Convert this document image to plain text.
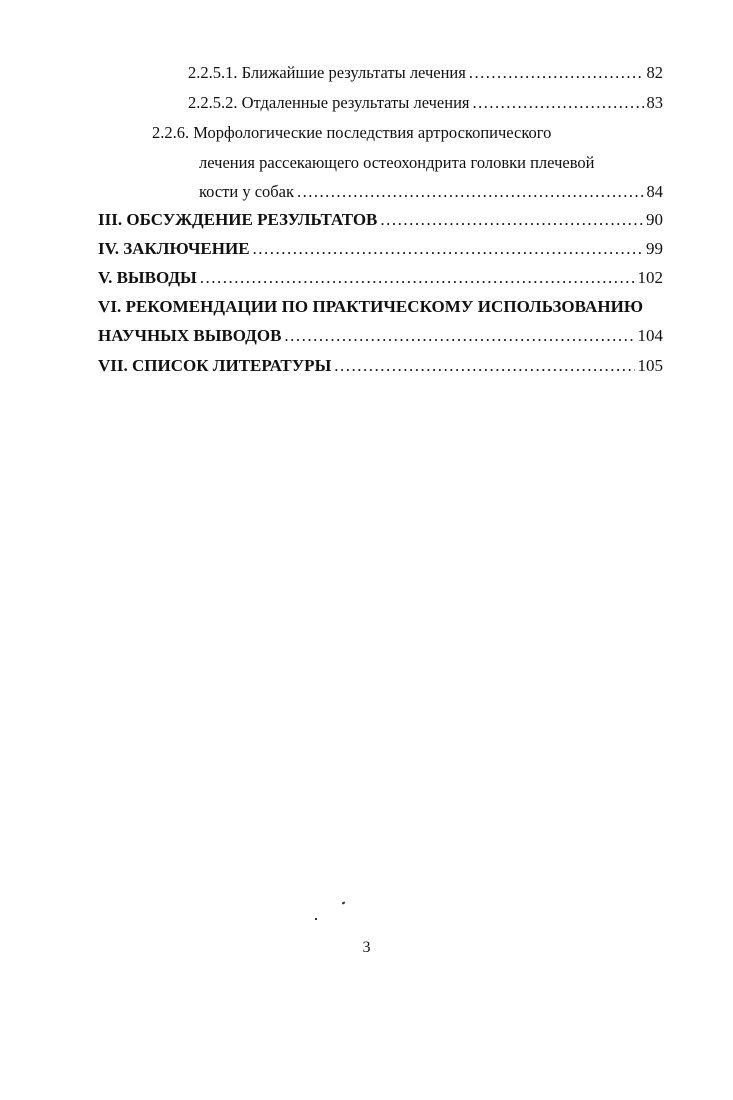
2.2.5.1. Ближайшие результаты лечения .....	82
2.2.5.2. Отдаленные результаты лечения .....	83
2.2.6. Морфологические последствия артроскопического
лечения рассекающего остеохондрита головки плечевой
кости у собак .....	84
III. ОБСУЖДЕНИЕ РЕЗУЛЬТАТОВ .....	90
IV. ЗАКЛЮЧЕНИЕ .....	99
V. ВЫВОДЫ .....	102
VI. РЕКОМЕНДАЦИИ ПО ПРАКТИЧЕСКОМУ ИСПОЛЬЗОВАНИЮ
НАУЧНЫХ ВЫВОДОВ .....	104
VII. СПИСОК ЛИТЕРАТУРЫ .....	105
3
